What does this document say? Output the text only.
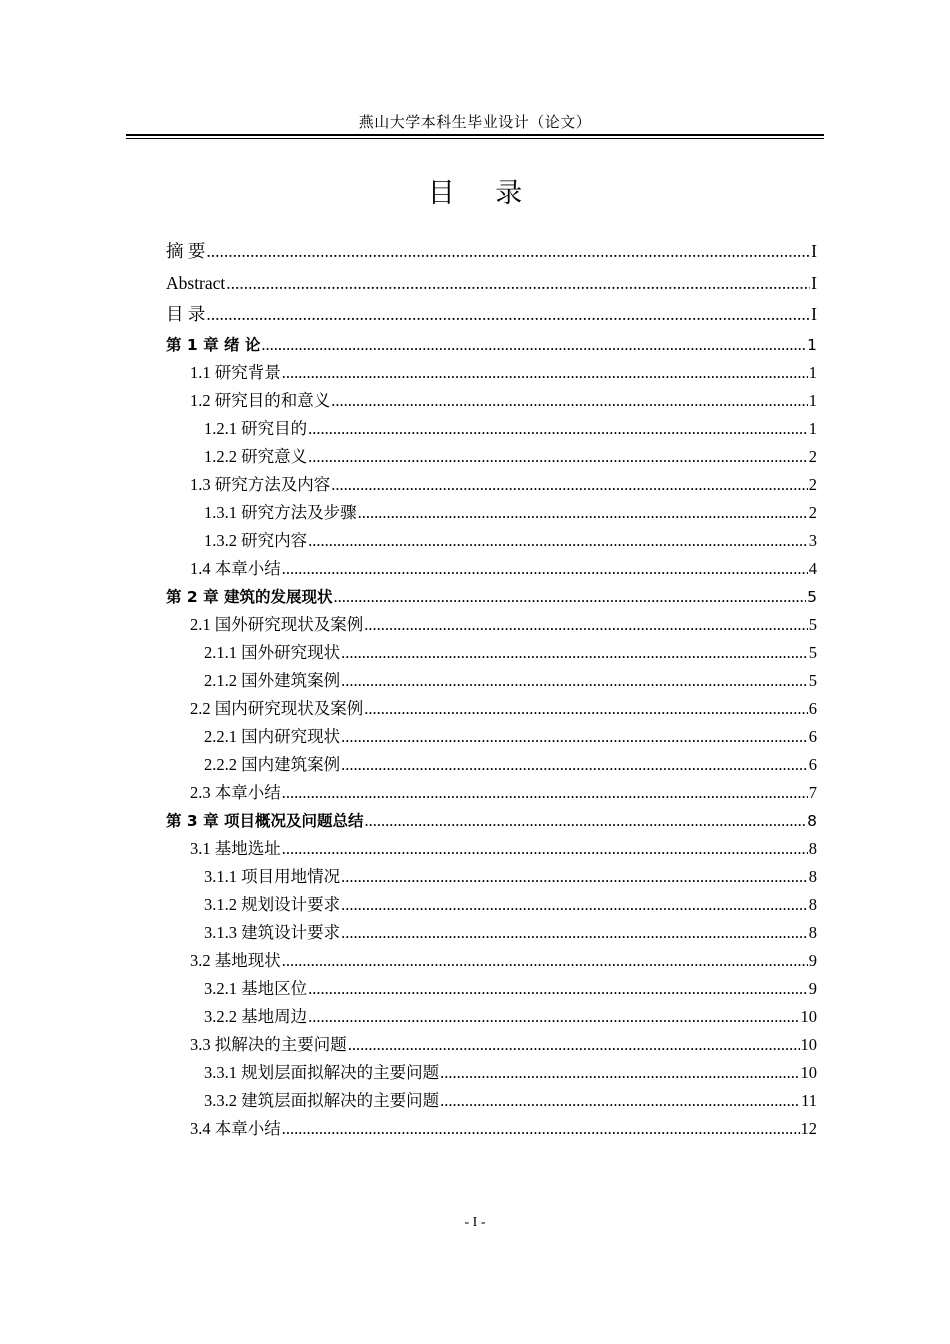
燕山大学本科生毕业设计（论文）
目 录
摘 要 .....	I
Abstract .....	I
目 录 .....	I
第 1 章 绪 论 .....	1
1.1 研究背景 .....	1
1.2 研究目的和意义 .....	1
1.2.1 研究目的 .....	1
1.2.2 研究意义 .....	2
1.3 研究方法及内容 .....	2
1.3.1 研究方法及步骤 .....	2
1.3.2 研究内容 .....	3
1.4 本章小结 .....	4
第 2 章 建筑的发展现状 .....	5
2.1 国外研究现状及案例 .....	5
2.1.1 国外研究现状 .....	5
2.1.2 国外建筑案例 .....	5
2.2 国内研究现状及案例 .....	6
2.2.1 国内研究现状 .....	6
2.2.2 国内建筑案例 .....	6
2.3 本章小结 .....	7
第 3 章 项目概况及问题总结 .....	8
3.1 基地选址 .....	8
3.1.1 项目用地情况 .....	8
3.1.2 规划设计要求 .....	8
3.1.3 建筑设计要求 .....	8
3.2 基地现状 .....	9
3.2.1 基地区位 .....	9
3.2.2 基地周边 .....	10
3.3 拟解决的主要问题 .....	10
3.3.1 规划层面拟解决的主要问题 .....	10
3.3.2 建筑层面拟解决的主要问题 .....	11
3.4 本章小结 .....	12
- I -
